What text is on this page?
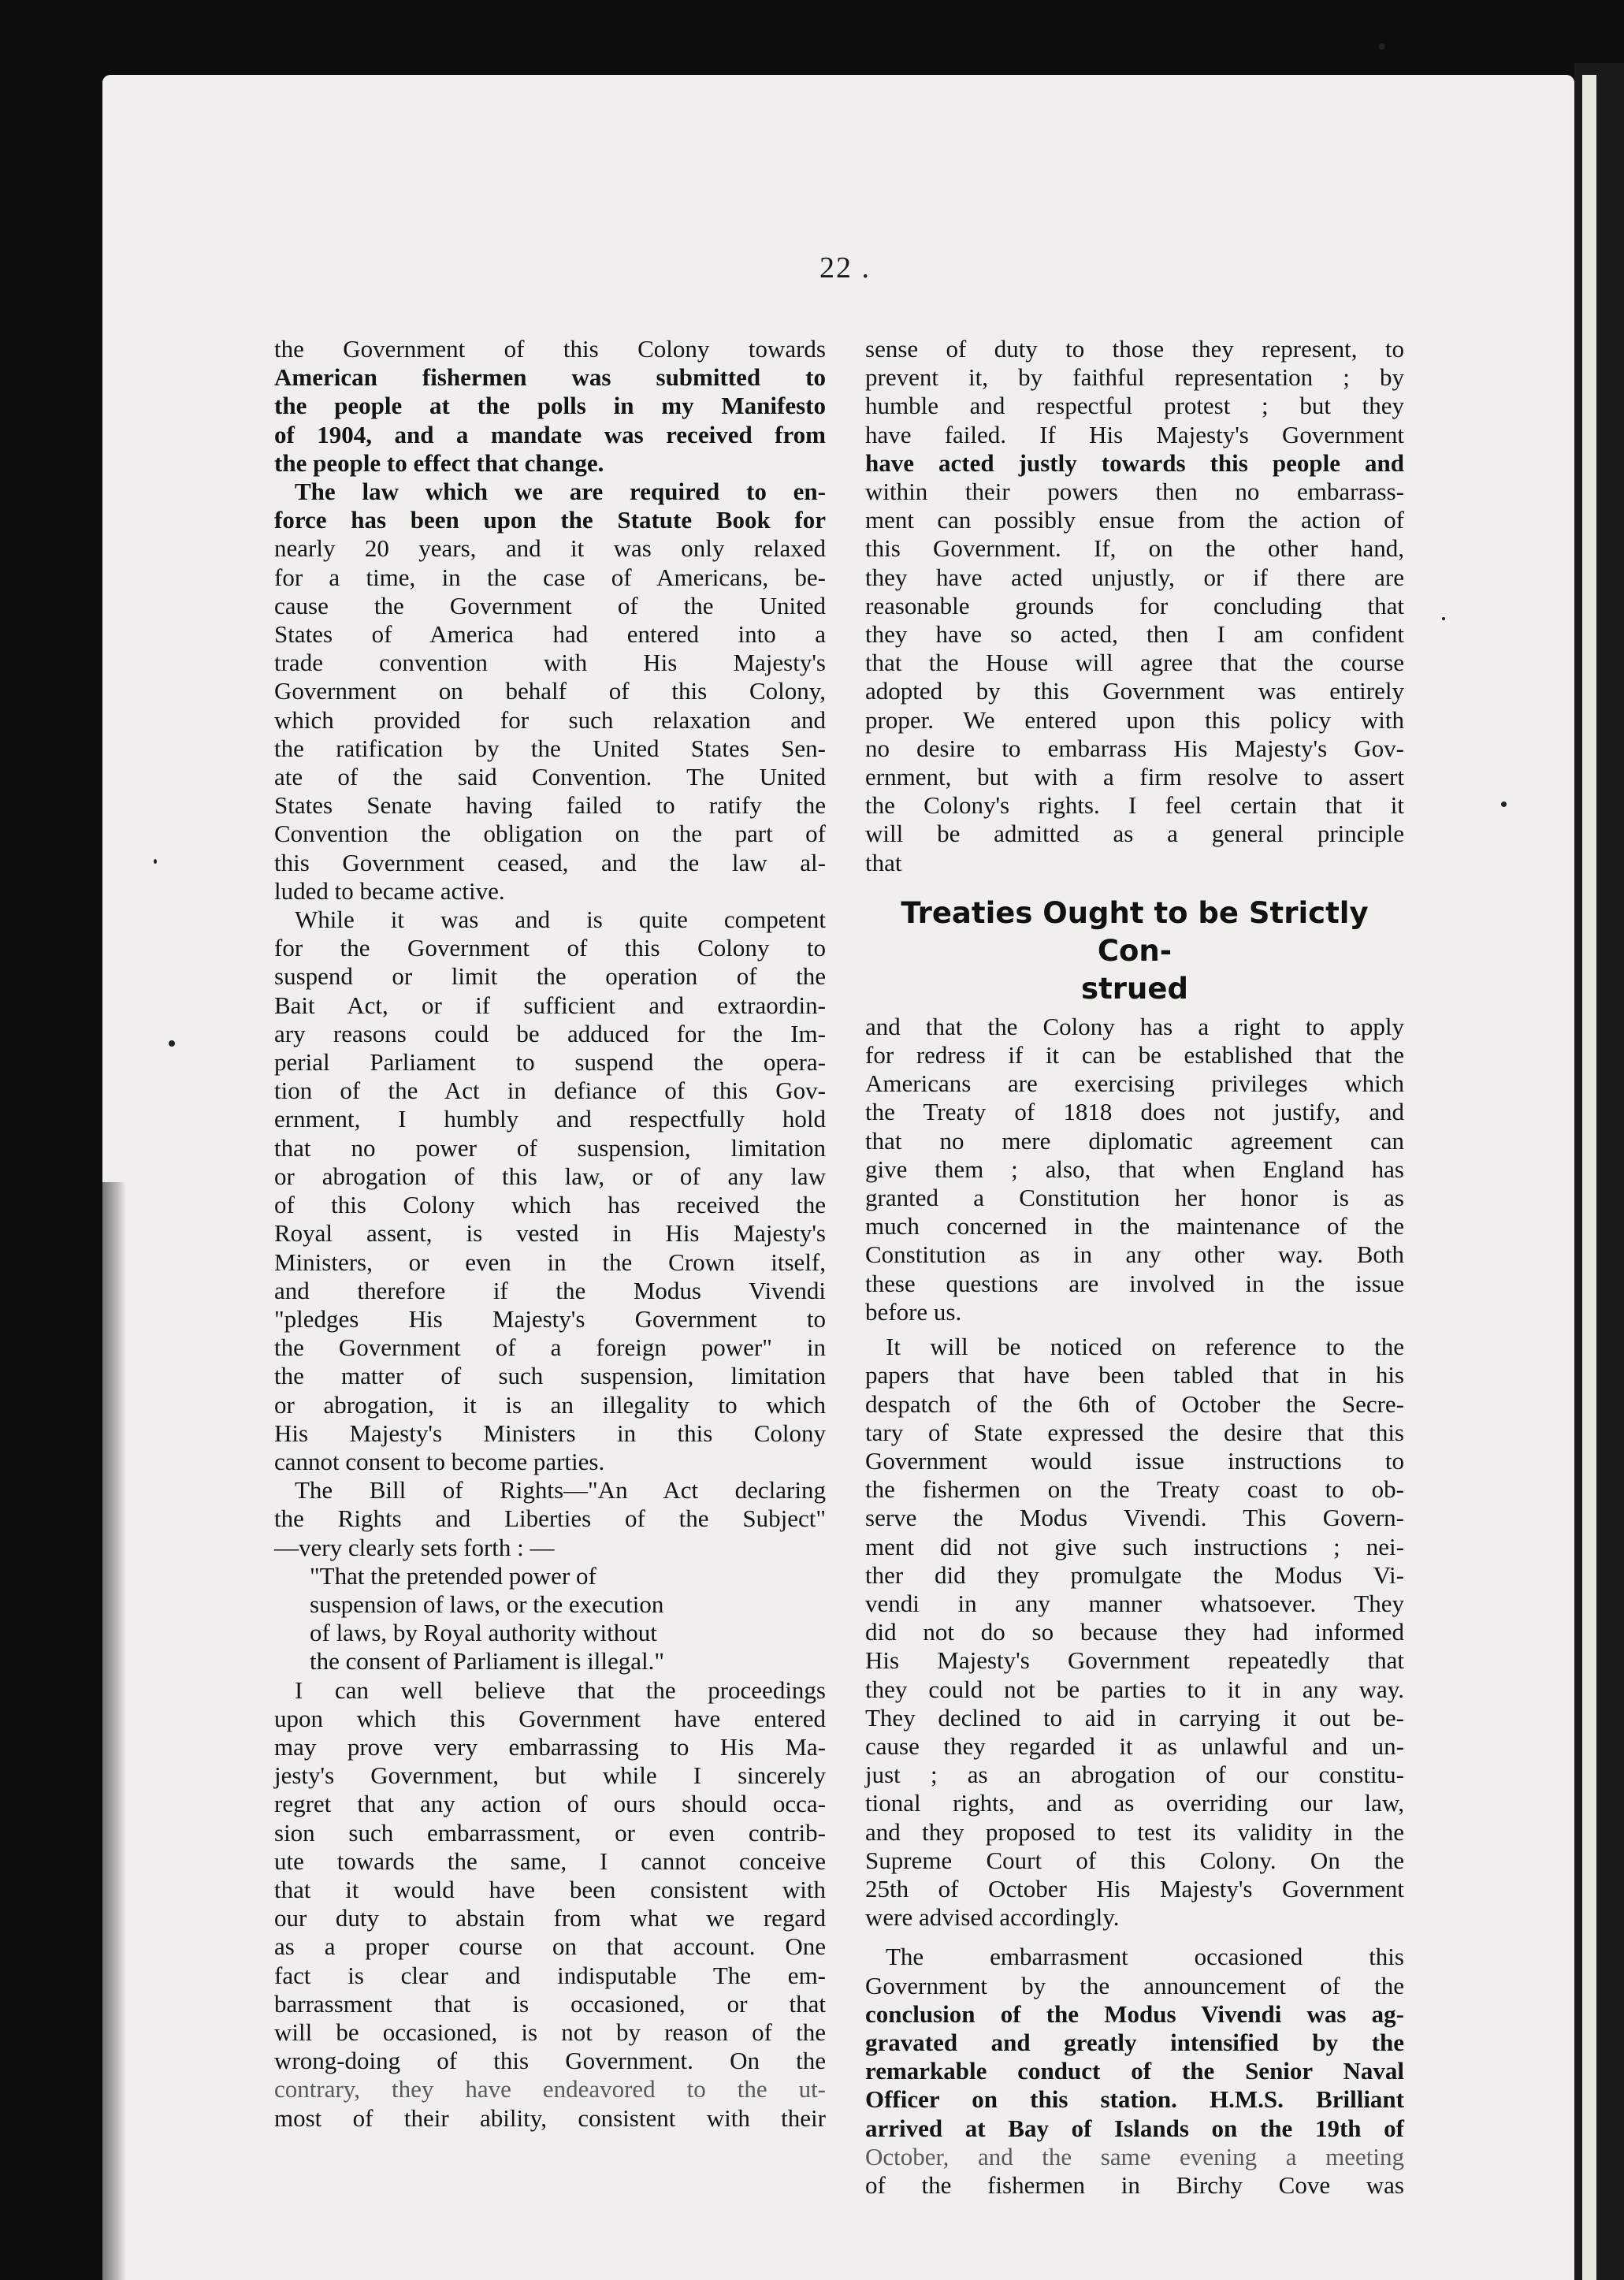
22 .
the Government of this Colony towards
American fishermen was submitted to
the people at the polls in my Manifesto
of 1904, and a mandate was received from
the people to effect that change.
The law which we are required to en-
force has been upon the Statute Book for
nearly 20 years, and it was only relaxed
for a time, in the case of Americans, be-
cause the Government of the United
States of America had entered into a
trade convention with His Majesty's
Government on behalf of this Colony,
which provided for such relaxation and
the ratification by the United States Sen-
ate of the said Convention. The United
States Senate having failed to ratify the
Convention the obligation on the part of
this Government ceased, and the law al-
luded to became active.
While it was and is quite competent
for the Government of this Colony to
suspend or limit the operation of the
Bait Act, or if sufficient and extraordin-
ary reasons could be adduced for the Im-
perial Parliament to suspend the opera-
tion of the Act in defiance of this Gov-
ernment, I humbly and respectfully hold
that no power of suspension, limitation
or abrogation of this law, or of any law
of this Colony which has received the
Royal assent, is vested in His Majesty's
Ministers, or even in the Crown itself,
and therefore if the Modus Vivendi
"pledges His Majesty's Government to
the Government of a foreign power" in
the matter of such suspension, limitation
or abrogation, it is an illegality to which
His Majesty's Ministers in this Colony
cannot consent to become parties.
The Bill of Rights—"An Act declaring
the Rights and Liberties of the Subject"
—very clearly sets forth : —
"That the pretended power of
suspension of laws, or the execution
of laws, by Royal authority without
the consent of Parliament is illegal."
I can well believe that the proceedings
upon which this Government have entered
may prove very embarrassing to His Ma-
jesty's Government, but while I sincerely
regret that any action of ours should occa-
sion such embarrassment, or even contrib-
ute towards the same, I cannot conceive
that it would have been consistent with
our duty to abstain from what we regard
as a proper course on that account. One
fact is clear and indisputable The em-
barrassment that is occasioned, or that
will be occasioned, is not by reason of the
wrong-doing of this Government. On the
contrary, they have endeavored to the ut-
most of their ability, consistent with their
sense of duty to those they represent, to
prevent it, by faithful representation ; by
humble and respectful protest ; but they
have failed. If His Majesty's Government
have acted justly towards this people and
within their powers then no embarrass-
ment can possibly ensue from the action of
this Government. If, on the other hand,
they have acted unjustly, or if there are
reasonable grounds for concluding that
they have so acted, then I am confident
that the House will agree that the course
adopted by this Government was entirely
proper. We entered upon this policy with
no desire to embarrass His Majesty's Gov-
ernment, but with a firm resolve to assert
the Colony's rights. I feel certain that it
will be admitted as a general principle
that
Treaties Ought to be Strictly Con-
strued
and that the Colony has a right to apply
for redress if it can be established that the
Americans are exercising privileges which
the Treaty of 1818 does not justify, and
that no mere diplomatic agreement can
give them ; also, that when England has
granted a Constitution her honor is as
much concerned in the maintenance of the
Constitution as in any other way. Both
these questions are involved in the issue
before us.
It will be noticed on reference to the
papers that have been tabled that in his
despatch of the 6th of October the Secre-
tary of State expressed the desire that this
Government would issue instructions to
the fishermen on the Treaty coast to ob-
serve the Modus Vivendi. This Govern-
ment did not give such instructions ; nei-
ther did they promulgate the Modus Vi-
vendi in any manner whatsoever. They
did not do so because they had informed
His Majesty's Government repeatedly that
they could not be parties to it in any way.
They declined to aid in carrying it out be-
cause they regarded it as unlawful and un-
just ; as an abrogation of our constitu-
tional rights, and as overriding our law,
and they proposed to test its validity in the
Supreme Court of this Colony. On the
25th of October His Majesty's Government
were advised accordingly.
The embarrasment occasioned this
Government by the announcement of the
conclusion of the Modus Vivendi was ag-
gravated and greatly intensified by the
remarkable conduct of the Senior Naval
Officer on this station. H.M.S. Brilliant
arrived at Bay of Islands on the 19th of
October, and the same evening a meeting
of the fishermen in Birchy Cove was
